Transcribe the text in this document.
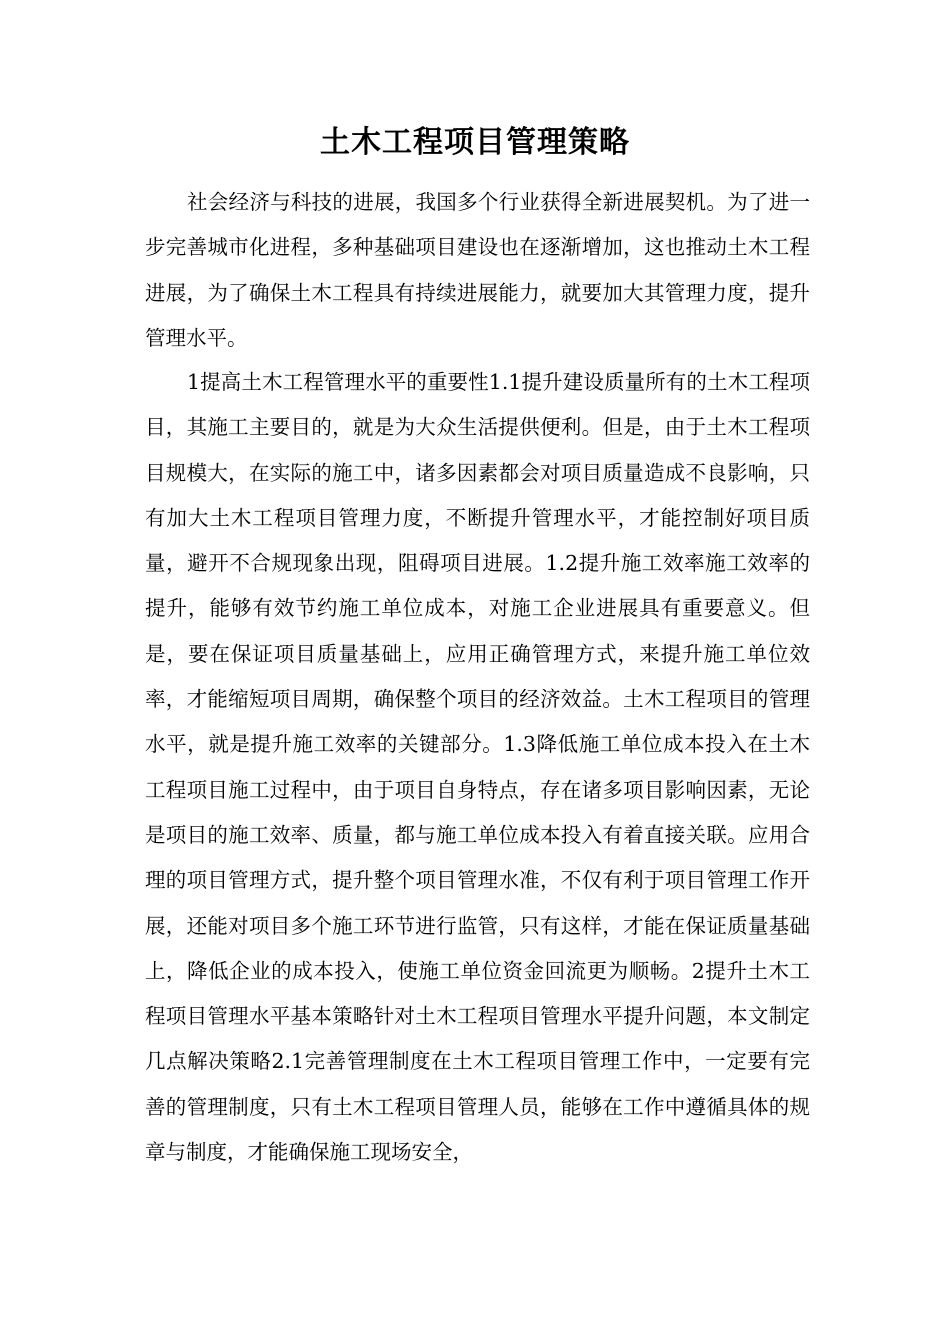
土木工程项目管理策略

社会经济与科技的进展，我国多个行业获得全新进展契机。为了进一步完善城市化进程，多种基础项目建设也在逐渐增加，这也推动土木工程进展，为了确保土木工程具有持续进展能力，就要加大其管理力度，提升管理水平。

1提高土木工程管理水平的重要性1.1提升建设质量所有的土木工程项目，其施工主要目的，就是为大众生活提供便利。但是，由于土木工程项目规模大，在实际的施工中，诸多因素都会对项目质量造成不良影响，只有加大土木工程项目管理力度，不断提升管理水平，才能控制好项目质量，避开不合规现象出现，阻碍项目进展。1.2提升施工效率施工效率的提升，能够有效节约施工单位成本，对施工企业进展具有重要意义。但是，要在保证项目质量基础上，应用正确管理方式，来提升施工单位效率，才能缩短项目周期，确保整个项目的经济效益。土木工程项目的管理水平，就是提升施工效率的关键部分。1.3降低施工单位成本投入在土木工程项目施工过程中，由于项目自身特点，存在诸多项目影响因素，无论是项目的施工效率、质量，都与施工单位成本投入有着直接关联。应用合理的项目管理方式，提升整个项目管理水准，不仅有利于项目管理工作开展，还能对项目多个施工环节进行监管，只有这样，才能在保证质量基础上，降低企业的成本投入，使施工单位资金回流更为顺畅。2提升土木工程项目管理水平基本策略针对土木工程项目管理水平提升问题，本文制定几点解决策略2.1完善管理制度在土木工程项目管理工作中，一定要有完善的管理制度，只有土木工程项目管理人员，能够在工作中遵循具体的规章与制度，才能确保施工现场安全，
